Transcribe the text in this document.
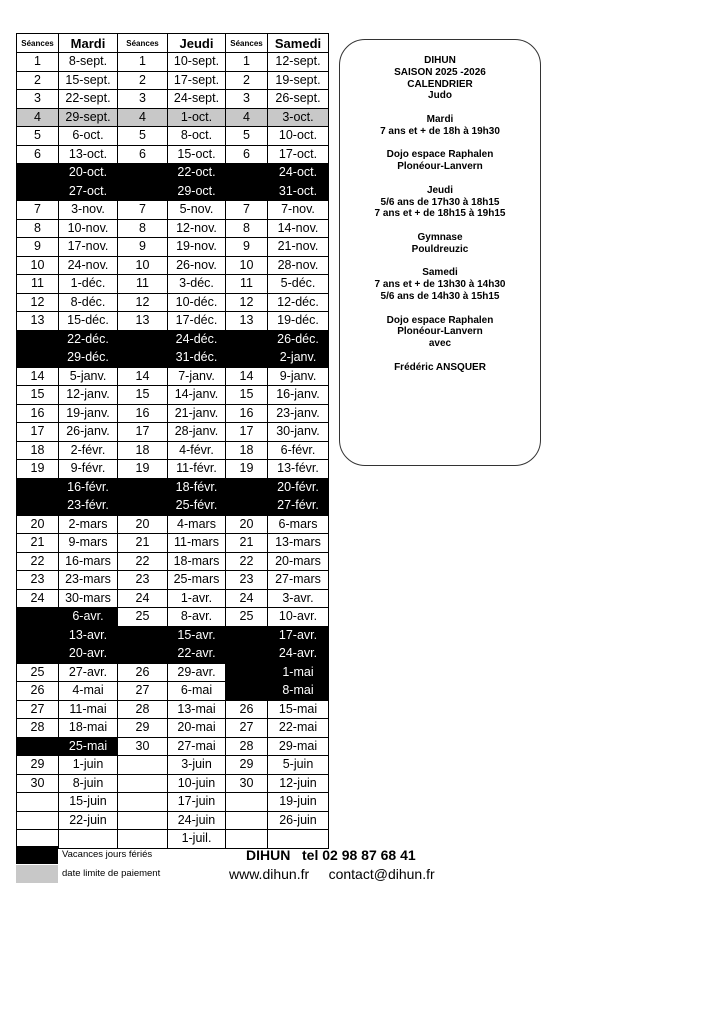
Séances	Mardi	Séances	Jeudi	Séances	Samedi
1	8-sept.	1	10-sept.	1	12-sept.
2	15-sept.	2	17-sept.	2	19-sept.
3	22-sept.	3	24-sept.	3	26-sept.
4	29-sept.	4	1-oct.	4	3-oct.
5	6-oct.	5	8-oct.	5	10-oct.
6	13-oct.	6	15-oct.	6	17-oct.
	20-oct.		22-oct.		24-oct.
	27-oct.		29-oct.		31-oct.
7	3-nov.	7	5-nov.	7	7-nov.
8	10-nov.	8	12-nov.	8	14-nov.
9	17-nov.	9	19-nov.	9	21-nov.
10	24-nov.	10	26-nov.	10	28-nov.
11	1-déc.	11	3-déc.	11	5-déc.
12	8-déc.	12	10-déc.	12	12-déc.
13	15-déc.	13	17-déc.	13	19-déc.
	22-déc.		24-déc.		26-déc.
	29-déc.		31-déc.		2-janv.
14	5-janv.	14	7-janv.	14	9-janv.
15	12-janv.	15	14-janv.	15	16-janv.
16	19-janv.	16	21-janv.	16	23-janv.
17	26-janv.	17	28-janv.	17	30-janv.
18	2-févr.	18	4-févr.	18	6-févr.
19	9-févr.	19	11-févr.	19	13-févr.
	16-févr.		18-févr.		20-févr.
	23-févr.		25-févr.		27-févr.
20	2-mars	20	4-mars	20	6-mars
21	9-mars	21	11-mars	21	13-mars
22	16-mars	22	18-mars	22	20-mars
23	23-mars	23	25-mars	23	27-mars
24	30-mars	24	1-avr.	24	3-avr.
	6-avr.	25	8-avr.	25	10-avr.
	13-avr.		15-avr.		17-avr.
	20-avr.		22-avr.		24-avr.
25	27-avr.	26	29-avr.		1-mai
26	4-mai	27	6-mai		8-mai
27	11-mai	28	13-mai	26	15-mai
28	18-mai	29	20-mai	27	22-mai
	25-mai	30	27-mai	28	29-mai
29	1-juin		3-juin	29	5-juin
30	8-juin		10-juin	30	12-juin
	15-juin		17-juin		19-juin
	22-juin		24-juin		26-juin
			1-juil.		
DIHUN
SAISON 2025 -2026
CALENDRIER
Judo
Mardi
7 ans et + de 18h à 19h30
Dojo espace Raphalen
Plonéour-Lanvern
Jeudi
5/6 ans de 17h30 à 18h15
7 ans et + de 18h15 à 19h15
Gymnase
Pouldreuzic
Samedi
7 ans et + de 13h30 à 14h30
5/6 ans de 14h30 à 15h15
Dojo espace Raphalen
Plonéour-Lanvern
avec
Frédéric ANSQUER
Vacances jours fériés
date limite de paiement
DIHUN   tel 02 98 87 68 41
www.dihun.fr     contact@dihun.fr
